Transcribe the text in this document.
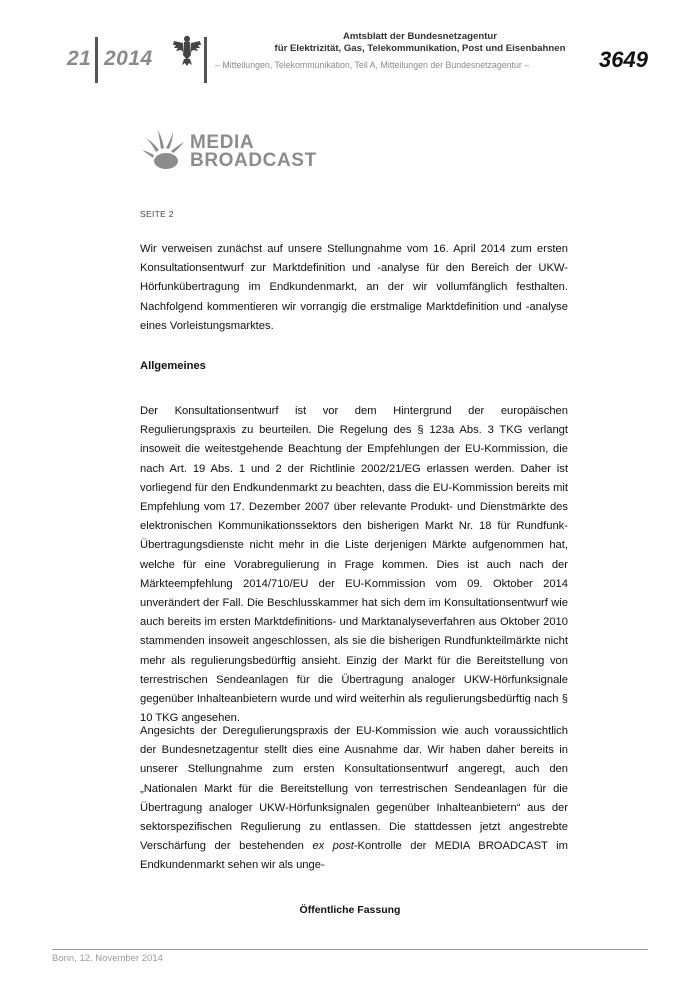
21 2014
Amtsblatt der Bundesnetzagentur
für Elektrizität, Gas, Telekommunikation, Post und Eisenbahnen
– Mitteilungen, Telekommunikation, Teil A, Mitteilungen der Bundesnetzagentur –	3649
MEDIA
BROADCAST
SEITE 2
Wir verweisen zunächst auf unsere Stellungnahme vom 16. April 2014 zum ersten Konsultationsentwurf zur Marktdefinition und -analyse für den Bereich der UKW-Hörfunkübertragung im Endkundenmarkt, an der wir vollumfänglich festhalten. Nachfolgend kommentieren wir vorrangig die erstmalige Marktdefinition und -analyse eines Vorleistungsmarktes.
Allgemeines
Der Konsultationsentwurf ist vor dem Hintergrund der europäischen Regulierungspraxis zu beurteilen. Die Regelung des § 123a Abs. 3 TKG verlangt insoweit die weitestgehende Beachtung der Empfehlungen der EU-Kommission, die nach Art. 19 Abs. 1 und 2 der Richtlinie 2002/21/EG erlassen werden. Daher ist vorliegend für den Endkundenmarkt zu beachten, dass die EU-Kommission bereits mit Empfehlung vom 17. Dezember 2007 über relevante Produkt- und Dienstmärkte des elektronischen Kommunikationssektors den bisherigen Markt Nr. 18 für Rundfunk-Übertragungsdienste nicht mehr in die Liste derjenigen Märkte aufgenommen hat, welche für eine Vorabregulierung in Frage kommen. Dies ist auch nach der Märkteempfehlung 2014/710/EU der EU-Kommission vom 09. Oktober 2014 unverändert der Fall. Die Beschlusskammer hat sich dem im Konsultationsentwurf wie auch bereits im ersten Marktdefinitions- und Marktanalyseverfahren aus Oktober 2010 stammenden insoweit angeschlossen, als sie die bisherigen Rundfunkteilmärkte nicht mehr als regulierungsbedürftig ansieht. Einzig der Markt für die Bereitstellung von terrestrischen Sendeanlagen für die Übertragung analoger UKW-Hörfunksignale gegenüber Inhalteanbietern wurde und wird weiterhin als regulierungsbedürftig nach § 10 TKG angesehen.
Angesichts der Deregulierungspraxis der EU-Kommission wie auch voraussichtlich der Bundesnetzagentur stellt dies eine Ausnahme dar. Wir haben daher bereits in unserer Stellungnahme zum ersten Konsultationsentwurf angeregt, auch den „Nationalen Markt für die Bereitstellung von terrestrischen Sendeanlagen für die Übertragung analoger UKW-Hörfunksignalen gegenüber Inhalteanbietern“ aus der sektorspezifischen Regulierung zu entlassen. Die stattdessen jetzt angestrebte Verschärfung der bestehenden ex post-Kontrolle der MEDIA BROADCAST im Endkundenmarkt sehen wir als unge-
Öffentliche Fassung
Bonn, 12. November 2014
